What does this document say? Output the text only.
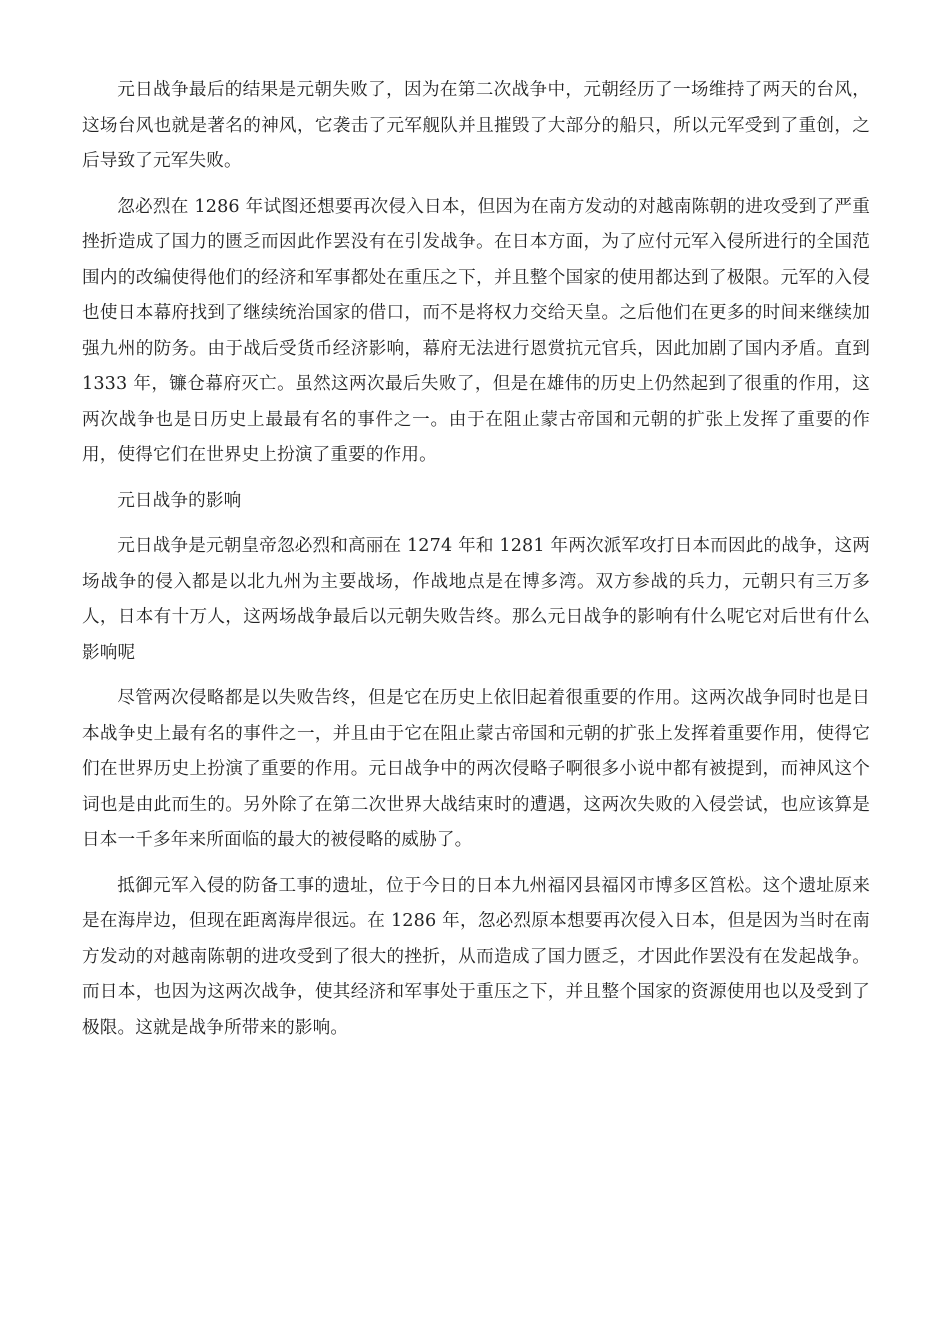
元日战争最后的结果是元朝失败了，因为在第二次战争中，元朝经历了一场维持了两天的台风，这场台风也就是著名的神风，它袭击了元军舰队并且摧毁了大部分的船只，所以元军受到了重创，之后导致了元军失败。

忽必烈在 1286 年试图还想要再次侵入日本，但因为在南方发动的对越南陈朝的进攻受到了严重挫折造成了国力的匮乏而因此作罢没有在引发战争。在日本方面，为了应付元军入侵所进行的全国范围内的改编使得他们的经济和军事都处在重压之下，并且整个国家的使用都达到了极限。元军的入侵也使日本幕府找到了继续统治国家的借口，而不是将权力交给天皇。之后他们在更多的时间来继续加强九州的防务。由于战后受货币经济影响，幕府无法进行恩赏抗元官兵，因此加剧了国内矛盾。直到 1333 年，镰仓幕府灭亡。虽然这两次最后失败了，但是在雄伟的历史上仍然起到了很重的作用，这两次战争也是日历史上最最有名的事件之一。由于在阻止蒙古帝国和元朝的扩张上发挥了重要的作用，使得它们在世界史上扮演了重要的作用。

元日战争的影响

元日战争是元朝皇帝忽必烈和高丽在 1274 年和 1281 年两次派军攻打日本而因此的战争，这两场战争的侵入都是以北九州为主要战场，作战地点是在博多湾。双方参战的兵力，元朝只有三万多人，日本有十万人，这两场战争最后以元朝失败告终。那么元日战争的影响有什么呢它对后世有什么影响呢

尽管两次侵略都是以失败告终，但是它在历史上依旧起着很重要的作用。这两次战争同时也是日本战争史上最有名的事件之一，并且由于它在阻止蒙古帝国和元朝的扩张上发挥着重要作用，使得它们在世界历史上扮演了重要的作用。元日战争中的两次侵略子啊很多小说中都有被提到，而神风这个词也是由此而生的。另外除了在第二次世界大战结束时的遭遇，这两次失败的入侵尝试，也应该算是日本一千多年来所面临的最大的被侵略的威胁了。

抵御元军入侵的防备工事的遗址，位于今日的日本九州福冈县福冈市博多区筥松。这个遗址原来是在海岸边，但现在距离海岸很远。在 1286 年，忽必烈原本想要再次侵入日本，但是因为当时在南方发动的对越南陈朝的进攻受到了很大的挫折，从而造成了国力匮乏，才因此作罢没有在发起战争。而日本，也因为这两次战争，使其经济和军事处于重压之下，并且整个国家的资源使用也以及受到了极限。这就是战争所带来的影响。
